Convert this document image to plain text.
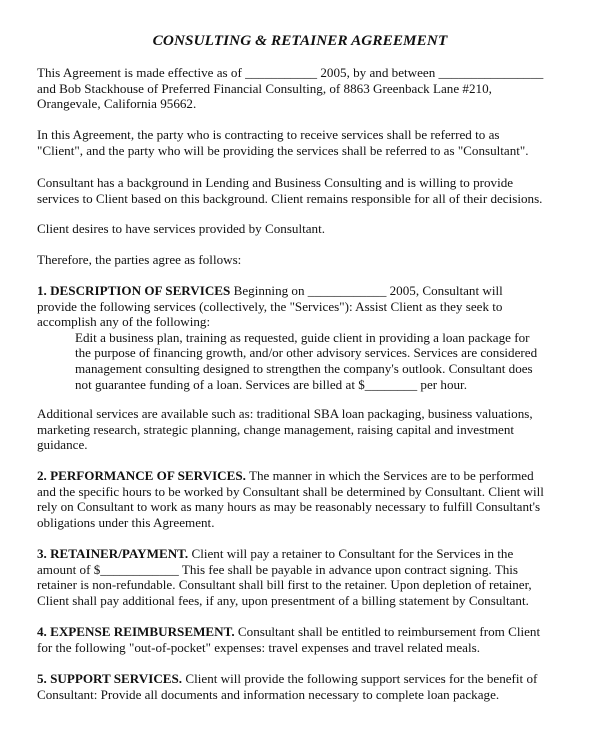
CONSULTING & RETAINER AGREEMENT
This Agreement is made effective as of ___________ 2005, by and between ________________
and Bob Stackhouse of Preferred Financial Consulting, of 8863 Greenback Lane #210,
Orangevale, California 95662.
In this Agreement, the party who is contracting to receive services shall be referred to as
"Client", and the party who will be providing the services shall be referred to as "Consultant".
Consultant has a background in Lending and Business Consulting and is willing to provide
services to Client based on this background. Client remains responsible for all of their decisions.
Client desires to have services provided by Consultant.
Therefore, the parties agree as follows:
1. DESCRIPTION OF SERVICES Beginning on ____________ 2005, Consultant will
provide the following services (collectively, the "Services"): Assist Client as they seek to
accomplish any of the following:
Edit a business plan, training as requested, guide client in providing a loan package for
the purpose of financing growth, and/or other advisory services. Services are considered
management consulting designed to strengthen the company's outlook. Consultant does
not guarantee funding of a loan. Services are billed at $________ per hour.
Additional services are available such as: traditional SBA loan packaging, business valuations,
marketing research, strategic planning, change management, raising capital and investment
guidance.
2. PERFORMANCE OF SERVICES. The manner in which the Services are to be performed
and the specific hours to be worked by Consultant shall be determined by Consultant. Client will
rely on Consultant to work as many hours as may be reasonably necessary to fulfill Consultant's
obligations under this Agreement.
3. RETAINER/PAYMENT. Client will pay a retainer to Consultant for the Services in the
amount of $____________ This fee shall be payable in advance upon contract signing. This
retainer is non-refundable. Consultant shall bill first to the retainer. Upon depletion of retainer,
Client shall pay additional fees, if any, upon presentment of a billing statement by Consultant.
4. EXPENSE REIMBURSEMENT. Consultant shall be entitled to reimbursement from Client
for the following "out-of-pocket" expenses: travel expenses and travel related meals.
5. SUPPORT SERVICES. Client will provide the following support services for the benefit of
Consultant: Provide all documents and information necessary to complete loan package.
